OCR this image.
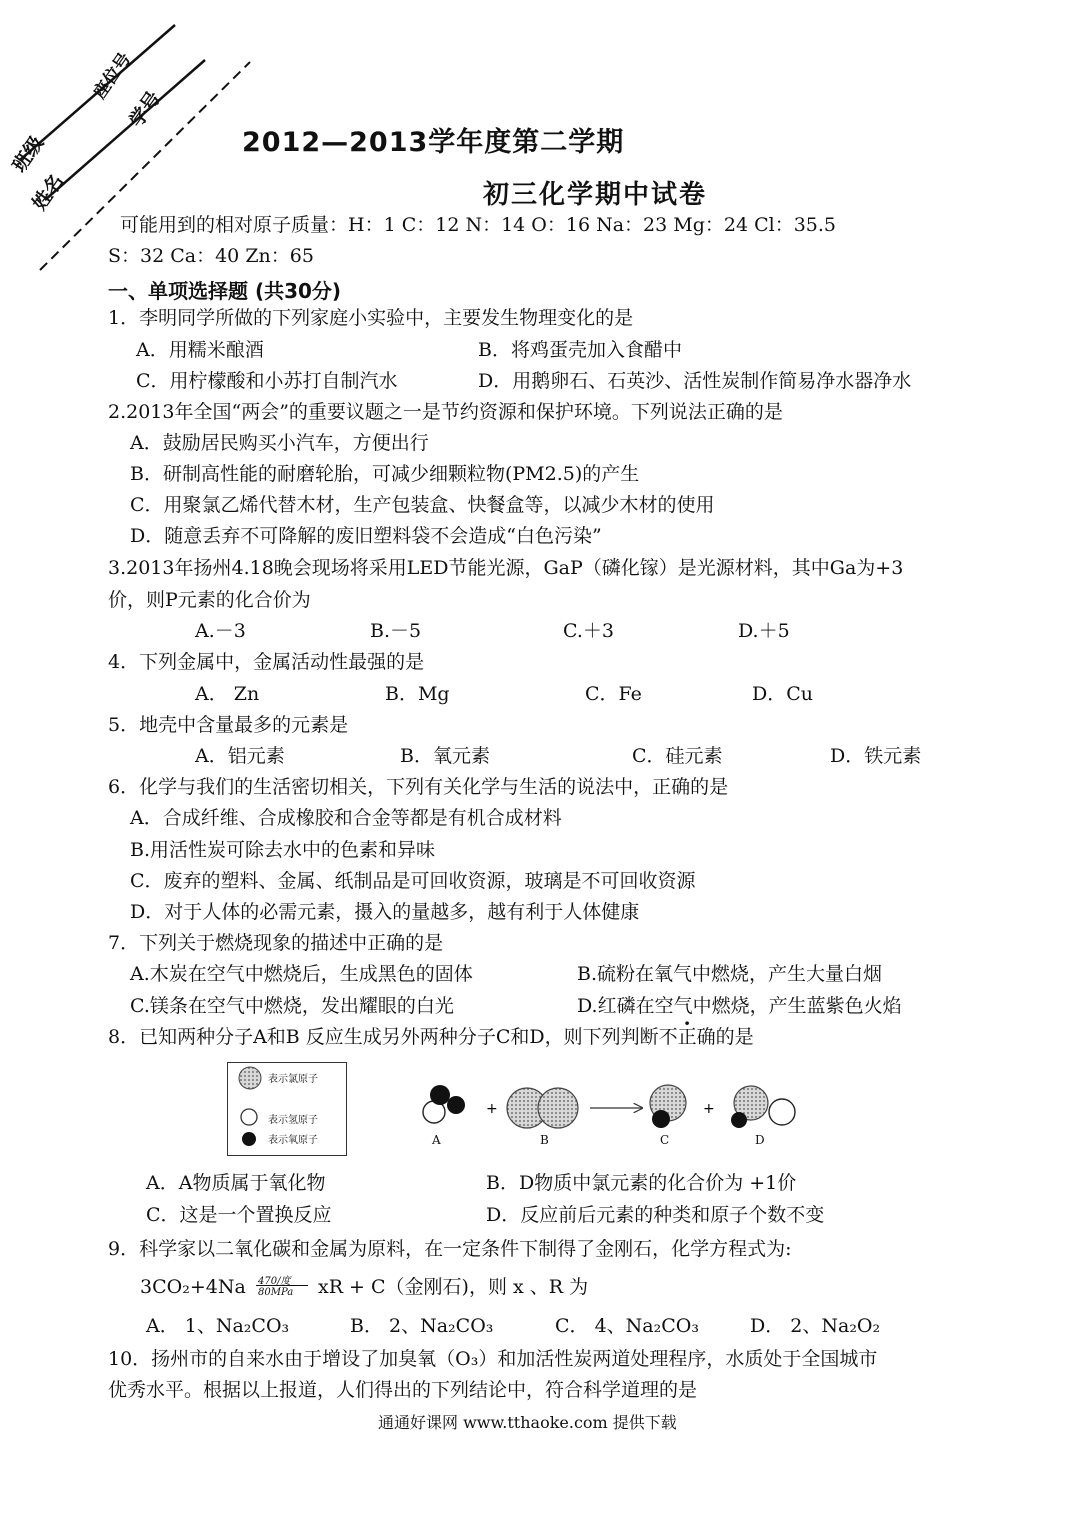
班级
座位号
姓名
学号
2012—2013学年度第二学期
初三化学期中试卷
可能用到的相对原子质量：H：1 C：12 N：14 O：16 Na：23 Mg：24 Cl：35.5
S：32 Ca：40 Zn：65
一、单项选择题 (共30分)
1．李明同学所做的下列家庭小实验中，主要发生物理变化的是
A．用糯米酿酒	B．将鸡蛋壳加入食醋中
C．用柠檬酸和小苏打自制汽水	D．用鹅卵石、石英沙、活性炭制作简易净水器净水
2.2013年全国“两会”的重要议题之一是节约资源和保护环境。下列说法正确的是
A．鼓励居民购买小汽车，方便出行
B．研制高性能的耐磨轮胎，可减少细颗粒物(PM2.5)的产生
C．用聚氯乙烯代替木材，生产包装盒、快餐盒等，以减少木材的使用
D．随意丢弃不可降解的废旧塑料袋不会造成“白色污染”
3.2013年扬州4.18晚会现场将采用LED节能光源，GaP（磷化镓）是光源材料，其中Ga为+3
价，则P元素的化合价为
A.－3	B.－5	C.＋3	D.＋5
4．下列金属中，金属活动性最强的是
A． Zn	B．Mg	C．Fe	D．Cu
5．地壳中含量最多的元素是
A．铝元素	B．氧元素	C．硅元素	D．铁元素
6．化学与我们的生活密切相关，下列有关化学与生活的说法中，正确的是
A．合成纤维、合成橡胶和合金等都是有机合成材料
B.用活性炭可除去水中的色素和异味
C．废弃的塑料、金属、纸制品是可回收资源，玻璃是不可回收资源
D．对于人体的必需元素，摄入的量越多，越有利于人体健康
7．下列关于燃烧现象的描述中正确的是
A.木炭在空气中燃烧后，生成黑色的固体	B.硫粉在氧气中燃烧，产生大量白烟
C.镁条在空气中燃烧，发出耀眼的白光	D.红磷在空气中燃烧，产生蓝紫色火焰
8．已知两种分子A和B 反应生成另外两种分子C和D，则下列判断不正确的是
表示氯原子
表示氢原子
表示氧原子
+	+
A	B	C	D
A．A物质属于氧化物	B．D物质中氯元素的化合价为 +1价
C．这是一个置换反应	D．反应前后元素的种类和原子个数不变
9．科学家以二氧化碳和金属为原料，在一定条件下制得了金刚石，化学方程式为:
3CO₂+4Na 470/度
80MPa xR + C（金刚石)，则 x 、R 为
A． 1、Na₂CO₃	B． 2、Na₂CO₃	C． 4、Na₂CO₃	D． 2、Na₂O₂
10．扬州市的自来水由于增设了加臭氧（O₃）和加活性炭两道处理程序，水质处于全国城市
优秀水平。根据以上报道，人们得出的下列结论中，符合科学道理的是
通通好课网 www.tthaoke.com 提供下载
